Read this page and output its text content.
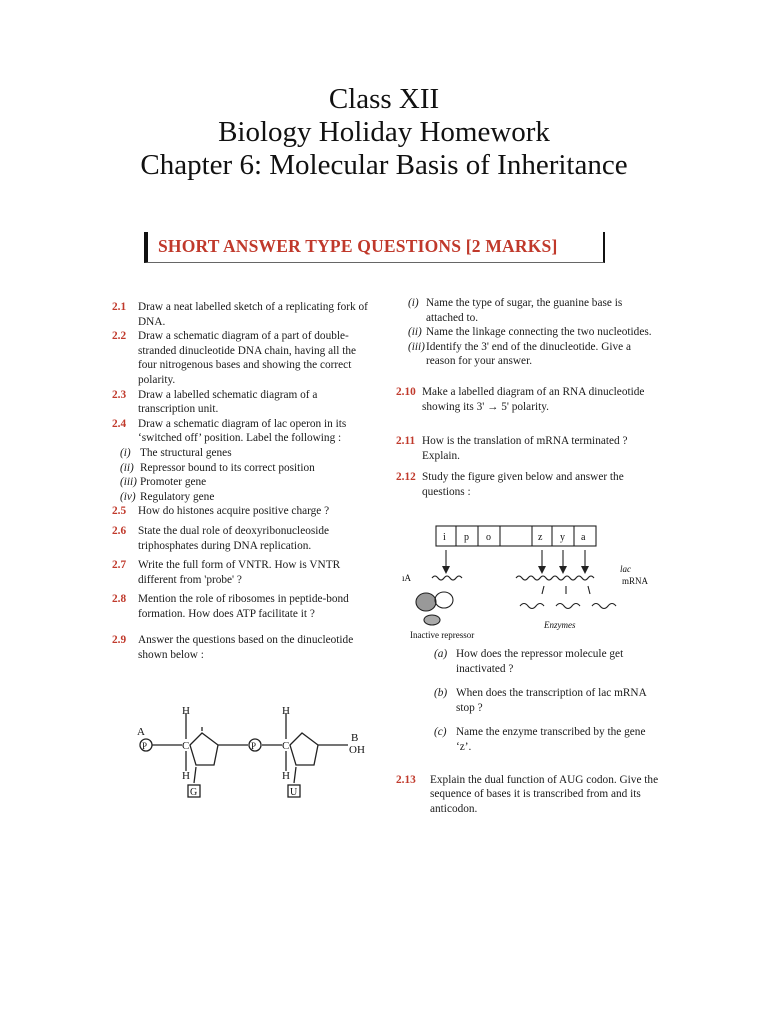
Class XII
Biology Holiday Homework
Chapter 6: Molecular Basis of Inheritance
SHORT ANSWER TYPE QUESTIONS [2 MARKS]
2.1 Draw a neat labelled sketch of a replicating fork of DNA.
2.2 Draw a schematic diagram of a part of double-stranded dinucleotide DNA chain, having all the four nitrogenous bases and showing the correct polarity.
2.3 Draw a labelled schematic diagram of a transcription unit.
2.4 Draw a schematic diagram of lac operon in its ‘switched off’ position. Label the following :
(i) The structural genes
(ii) Repressor bound to its correct position
(iii) Promoter gene
(iv) Regulatory gene
2.5 How do histones acquire positive charge ?
2.6 State the dual role of deoxyribonucleoside triphosphates during DNA replication.
2.7 Write the full form of VNTR. How is VNTR different from 'probe' ?
2.8 Mention the role of ribosomes in peptide-bond formation. How does ATP facilitate it ?
2.9 Answer the questions based on the dinucleotide shown below :
H	H
H	H
A	B
OH
C	C
P	P
G	U
(i) Name the type of sugar, the guanine base is attached to.
(ii) Name the linkage connecting the two nucleotides.
(iii) Identify the 3' end of the dinucleotide. Give a reason for your answer.
2.10 Make a labelled diagram of an RNA dinucleotide showing its 3' → 5' polarity.
2.11 How is the translation of mRNA terminated ? Explain.
2.12 Study the figure given below and answer the questions :
i p o	z y a
lac
mRNA
ıA
Enzymes
Inactive repressor
(a) How does the repressor molecule get inactivated ?
(b) When does the transcription of lac mRNA stop ?
(c) Name the enzyme transcribed by the gene ‘z’.
2.13 Explain the dual function of AUG codon. Give the sequence of bases it is transcribed from and its anticodon.
